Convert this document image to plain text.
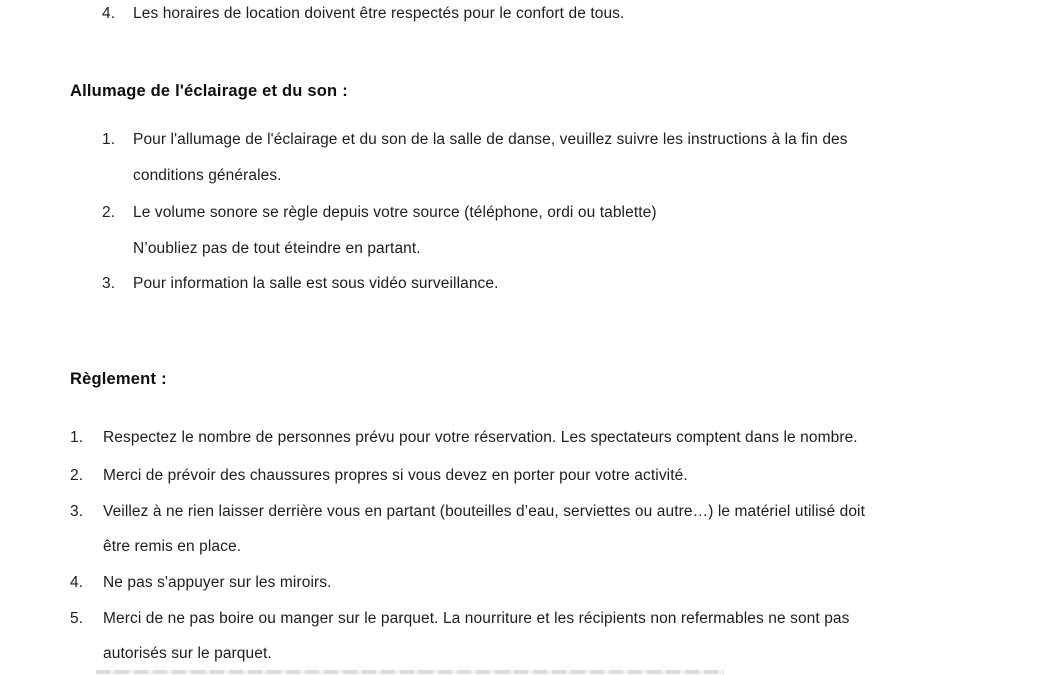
4. Les horaires de location doivent être respectés pour le confort de tous.
Allumage de l'éclairage et du son :
1. Pour l'allumage de l'éclairage et du son de la salle de danse, veuillez suivre les instructions à la fin des
conditions générales.
2. Le volume sonore se règle depuis votre source (téléphone, ordi ou tablette)
N’oubliez pas de tout éteindre en partant.
3. Pour information la salle est sous vidéo surveillance.
Règlement :
1. Respectez le nombre de personnes prévu pour votre réservation. Les spectateurs comptent dans le nombre.
2. Merci de prévoir des chaussures propres si vous devez en porter pour votre activité.
3. Veillez à ne rien laisser derrière vous en partant (bouteilles d’eau, serviettes ou autre…) le matériel utilisé doit
être remis en place.
4. Ne pas s'appuyer sur les miroirs.
5. Merci de ne pas boire ou manger sur le parquet. La nourriture et les récipients non refermables ne sont pas
autorisés sur le parquet.
